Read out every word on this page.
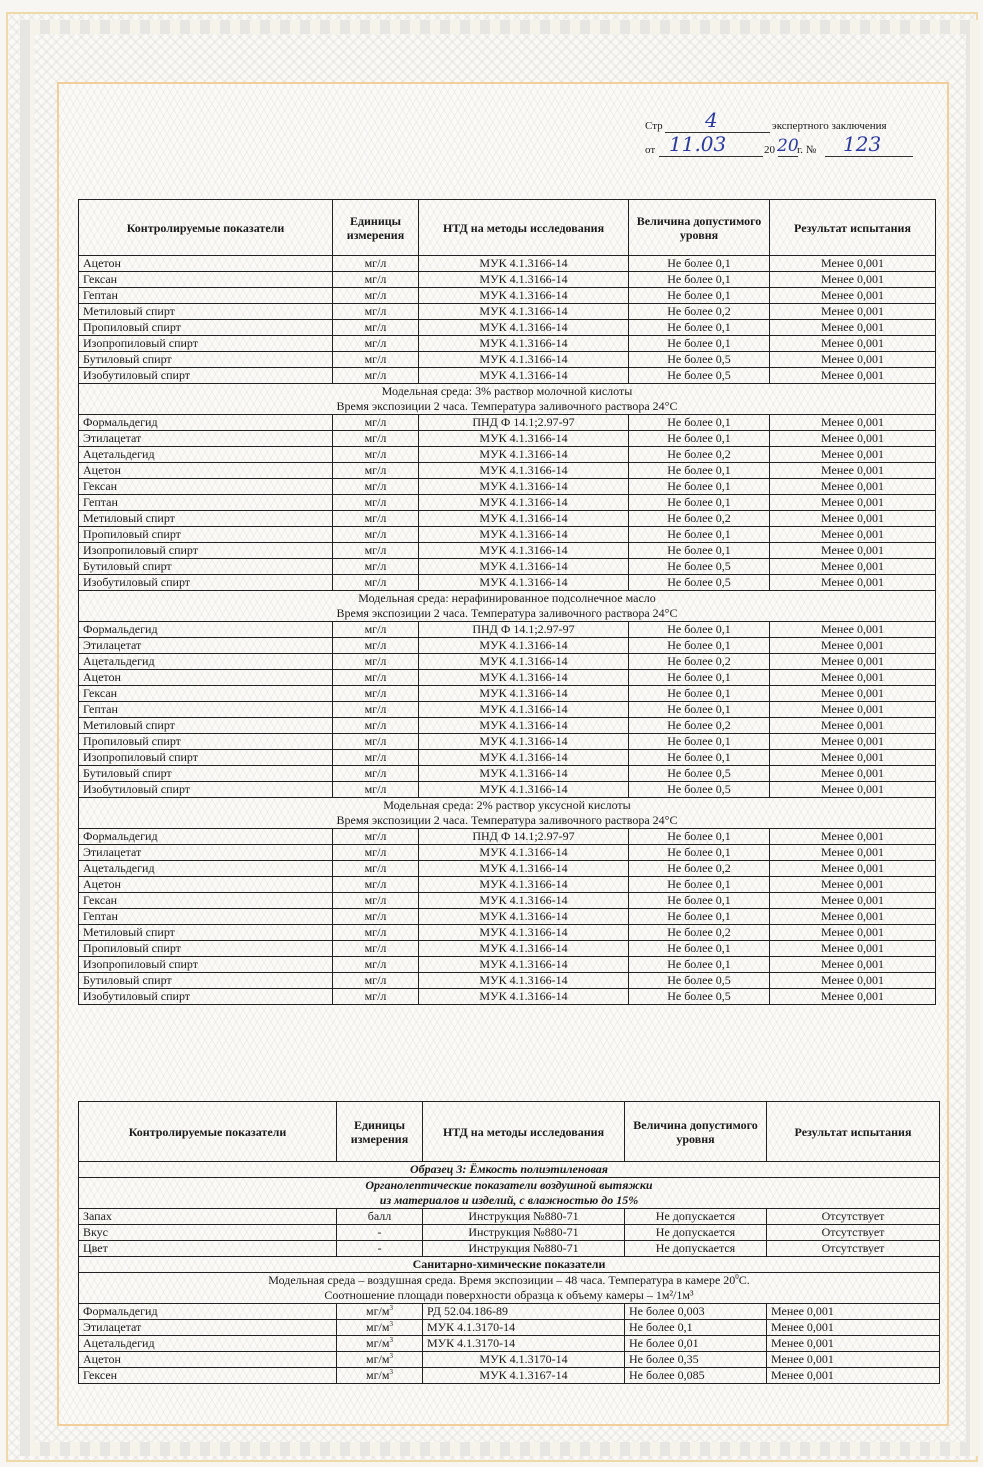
Стр 4	экспертного заключения
от 11.03	20 20
г. № 123
Контролируемые показатели	Единицы измерения	НТД на методы исследования	Величина допустимого уровня	Результат испытания
Ацетон	мг/л	МУК 4.1.3166-14	Не более 0,1	Менее 0,001
Гексан	мг/л	МУК 4.1.3166-14	Не более 0,1	Менее 0,001
Гептан	мг/л	МУК 4.1.3166-14	Не более 0,1	Менее 0,001
Метиловый спирт	мг/л	МУК 4.1.3166-14	Не более 0,2	Менее 0,001
Пропиловый спирт	мг/л	МУК 4.1.3166-14	Не более 0,1	Менее 0,001
Изопропиловый спирт	мг/л	МУК 4.1.3166-14	Не более 0,1	Менее 0,001
Бутиловый спирт	мг/л	МУК 4.1.3166-14	Не более 0,5	Менее 0,001
Изобутиловый спирт	мг/л	МУК 4.1.3166-14	Не более 0,5	Менее 0,001

Модельная среда: 3% раствор молочной кислоты
Время экспозиции 2 часа. Температура заливочного раствора 24°С				

Формальдегид	мг/л	ПНД Ф 14.1;2.97-97	Не более 0,1	Менее 0,001
Этилацетат	мг/л	МУК 4.1.3166-14	Не более 0,1	Менее 0,001
Ацетальдегид	мг/л	МУК 4.1.3166-14	Не более 0,2	Менее 0,001
Ацетон	мг/л	МУК 4.1.3166-14	Не более 0,1	Менее 0,001
Гексан	мг/л	МУК 4.1.3166-14	Не более 0,1	Менее 0,001
Гептан	мг/л	МУК 4.1.3166-14	Не более 0,1	Менее 0,001
Метиловый спирт	мг/л	МУК 4.1.3166-14	Не более 0,2	Менее 0,001
Пропиловый спирт	мг/л	МУК 4.1.3166-14	Не более 0,1	Менее 0,001
Изопропиловый спирт	мг/л	МУК 4.1.3166-14	Не более 0,1	Менее 0,001
Бутиловый спирт	мг/л	МУК 4.1.3166-14	Не более 0,5	Менее 0,001
Изобутиловый спирт	мг/л	МУК 4.1.3166-14	Не более 0,5	Менее 0,001

Модельная среда: нерафинированное подсолнечное масло
Время экспозиции 2 часа. Температура заливочного раствора 24°С				

Формальдегид	мг/л	ПНД Ф 14.1;2.97-97	Не более 0,1	Менее 0,001
Этилацетат	мг/л	МУК 4.1.3166-14	Не более 0,1	Менее 0,001
Ацетальдегид	мг/л	МУК 4.1.3166-14	Не более 0,2	Менее 0,001
Ацетон	мг/л	МУК 4.1.3166-14	Не более 0,1	Менее 0,001
Гексан	мг/л	МУК 4.1.3166-14	Не более 0,1	Менее 0,001
Гептан	мг/л	МУК 4.1.3166-14	Не более 0,1	Менее 0,001
Метиловый спирт	мг/л	МУК 4.1.3166-14	Не более 0,2	Менее 0,001
Пропиловый спирт	мг/л	МУК 4.1.3166-14	Не более 0,1	Менее 0,001
Изопропиловый спирт	мг/л	МУК 4.1.3166-14	Не более 0,1	Менее 0,001
Бутиловый спирт	мг/л	МУК 4.1.3166-14	Не более 0,5	Менее 0,001
Изобутиловый спирт	мг/л	МУК 4.1.3166-14	Не более 0,5	Менее 0,001

Модельная среда: 2% раствор уксусной кислоты
Время экспозиции 2 часа. Температура заливочного раствора 24°С				

Формальдегид	мг/л	ПНД Ф 14.1;2.97-97	Не более 0,1	Менее 0,001
Этилацетат	мг/л	МУК 4.1.3166-14	Не более 0,1	Менее 0,001
Ацетальдегид	мг/л	МУК 4.1.3166-14	Не более 0,2	Менее 0,001
Ацетон	мг/л	МУК 4.1.3166-14	Не более 0,1	Менее 0,001
Гексан	мг/л	МУК 4.1.3166-14	Не более 0,1	Менее 0,001
Гептан	мг/л	МУК 4.1.3166-14	Не более 0,1	Менее 0,001
Метиловый спирт	мг/л	МУК 4.1.3166-14	Не более 0,2	Менее 0,001
Пропиловый спирт	мг/л	МУК 4.1.3166-14	Не более 0,1	Менее 0,001
Изопропиловый спирт	мг/л	МУК 4.1.3166-14	Не более 0,1	Менее 0,001
Бутиловый спирт	мг/л	МУК 4.1.3166-14	Не более 0,5	Менее 0,001
Изобутиловый спирт	мг/л	МУК 4.1.3166-14	Не более 0,5	Менее 0,001
Контролируемые показатели	Единицы измерения	НТД на методы исследования	Величина допустимого уровня	Результат испытания
Образец 3: Ёмкость полиэтиленовая				

Органолептические показатели воздушной вытяжки
из материалов и изделий, с влажностью до 15%				

Запах	балл	Инструкция №880-71	Не допускается	Отсутствует
Вкус	-	Инструкция №880-71	Не допускается	Отсутствует
Цвет	-	Инструкция №880-71	Не допускается	Отсутствует
Санитарно-химические показатели				

Модельная среда – воздушная среда. Время экспозиции – 48 часа. Температура в камере $20^0С$.
Соотношение площади поверхности образца к объему камеры – 1м²/1м³				

Формальдегид	$мг/м^3$	РД 52.04.186-89	Не более 0,003	Менее 0,001
Этилацетат	$мг/м^3$	МУК 4.1.3170-14	Не более 0,1	Менее 0,001
Ацетальдегид	$мг/м^3$	МУК 4.1.3170-14	Не более 0,01	Менее 0,001
Ацетон	$мг/м^3$	МУК 4.1.3170-14	Не более 0,35	Менее 0,001
Гексен	$мг/м^3$	МУК 4.1.3167-14	Не более 0,085	Менее 0,001
